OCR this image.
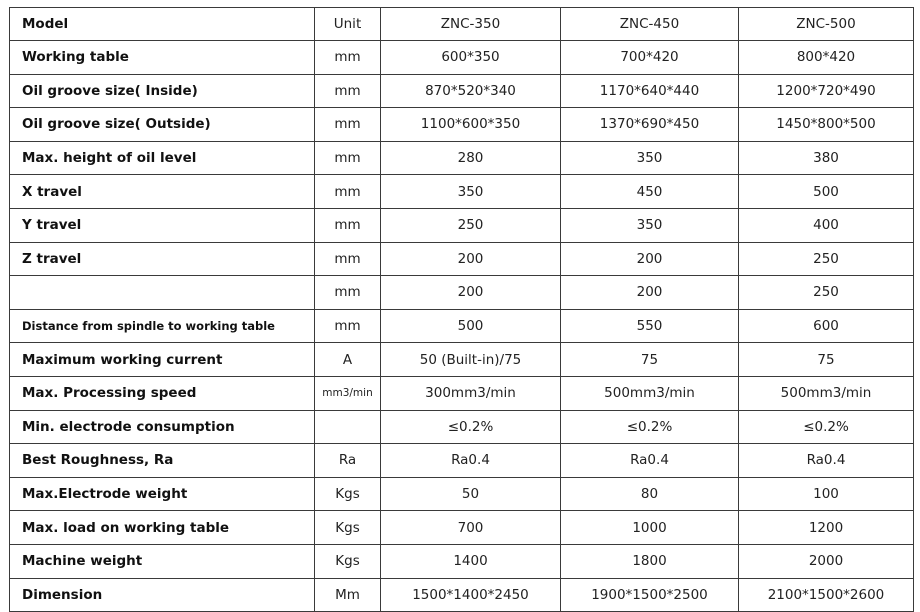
Model	Unit	ZNC-350	ZNC-450	ZNC-500
Working table	mm	600*350	700*420	800*420
Oil groove size( Inside)	mm	870*520*340	1170*640*440	1200*720*490
Oil groove size( Outside)	mm	1100*600*350	1370*690*450	1450*800*500
Max. height of oil level	mm	280	350	380
X travel	mm	350	450	500
Y travel	mm	250	350	400
Z travel	mm	200	200	250
	mm	200	200	250
Distance from spindle to working table	mm	500	550	600
Maximum working current	A	50 (Built-in)/75	75	75
Max. Processing speed	mm3/min	300mm3/min	500mm3/min	500mm3/min
Min. electrode consumption		≤0.2%	≤0.2%	≤0.2%
Best Roughness, Ra	Ra	Ra0.4	Ra0.4	Ra0.4
Max.Electrode weight	Kgs	50	80	100
Max. load on working table	Kgs	700	1000	1200
Machine weight	Kgs	1400	1800	2000
Dimension	Mm	1500*1400*2450	1900*1500*2500	2100*1500*2600
